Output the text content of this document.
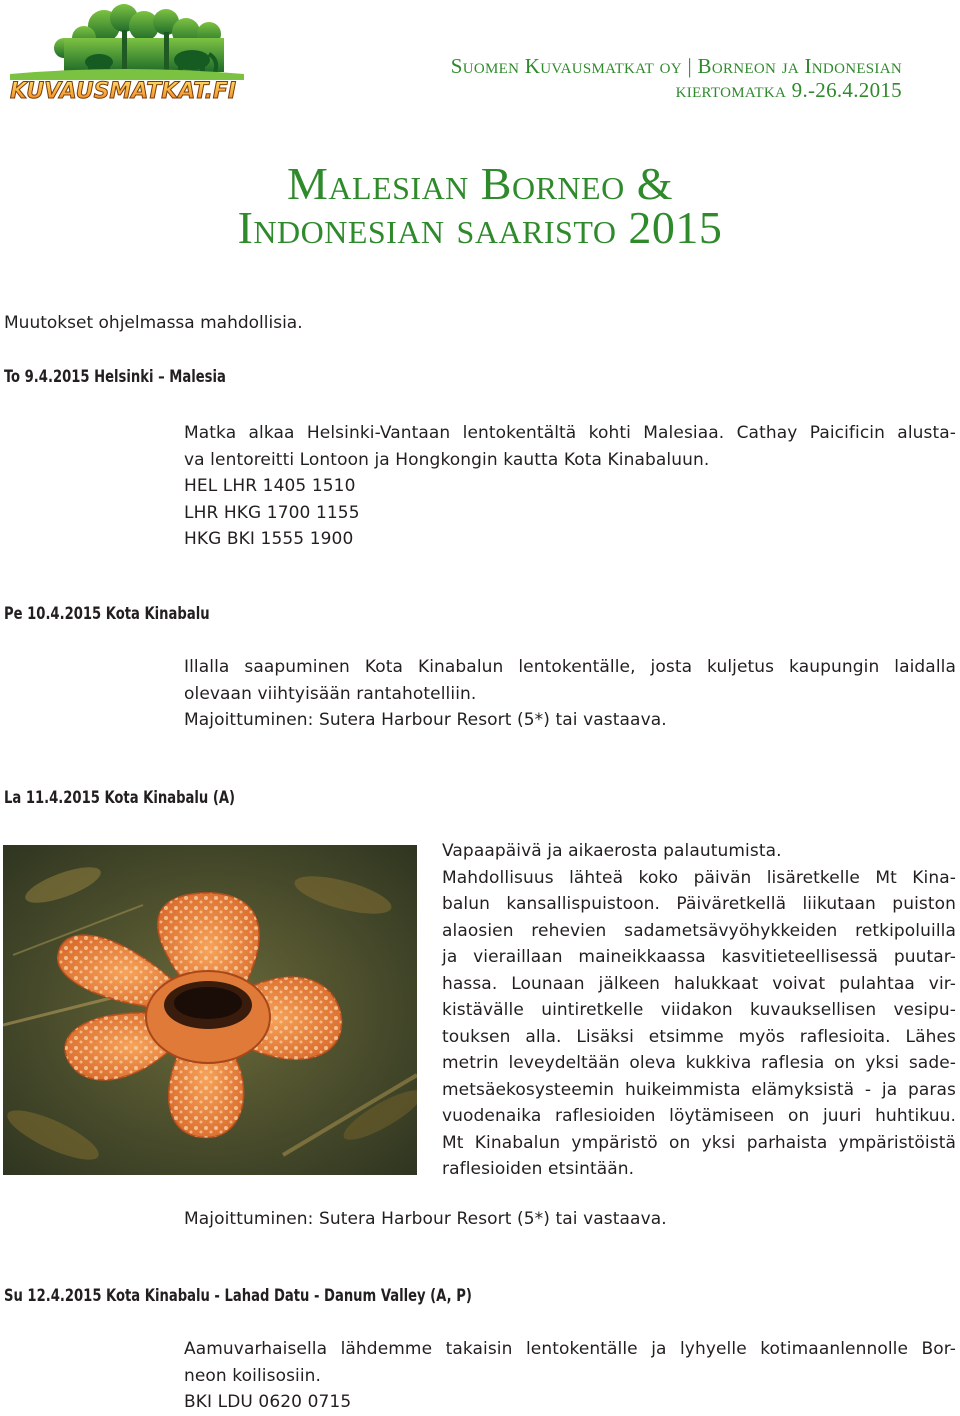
KUVAUSMATKAT.FI
Suomen Kuvausmatkat oy | Borneon ja Indonesian
kiertomatka 9.-26.4.2015
Malesian Borneo &
Indonesian saaristo 2015
Muutokset ohjelmassa mahdollisia.
To 9.4.2015 Helsinki – Malesia
Matka alkaa Helsinki-Vantaan lentokentältä kohti Malesiaa. Cathay Paicificin alusta-
va lentoreitti Lontoon ja Hongkongin kautta Kota Kinabaluun.
HEL LHR 1405 1510
LHR HKG 1700 1155
HKG BKI 1555 1900
Pe 10.4.2015 Kota Kinabalu
Illalla saapuminen Kota Kinabalun lentokentälle, josta kuljetus kaupungin laidalla
olevaan viihtyisään rantahotelliin.
Majoittuminen: Sutera Harbour Resort (5*) tai vastaava.
La 11.4.2015 Kota Kinabalu (A)
Vapaapäivä ja aikaerosta palautumista.
Mahdollisuus lähteä koko päivän lisäretkelle Mt Kina-
balun kansallispuistoon. Päiväretkellä liikutaan puiston
alaosien rehevien sadametsävyöhykkeiden retkipoluilla
ja vieraillaan maineikkaassa kasvitieteellisessä puutar-
hassa. Lounaan jälkeen halukkaat voivat pulahtaa vir-
kistävälle uintiretkelle viidakon kuvauksellisen vesipu-
touksen alla. Lisäksi etsimme myös raflesioita. Lähes
metrin leveydeltään oleva kukkiva raflesia on yksi sade-
metsäekosysteemin huikeimmista elämyksistä - ja paras
vuodenaika raflesioiden löytämiseen on juuri huhtikuu.
Mt Kinabalun ympäristö on yksi parhaista ympäristöistä
raflesioiden etsintään.
Majoittuminen: Sutera Harbour Resort (5*) tai vastaava.
Su 12.4.2015 Kota Kinabalu - Lahad Datu - Danum Valley (A, P)
Aamuvarhaisella lähdemme takaisin lentokentälle ja lyhyelle kotimaanlennolle Bor-
neon koilisosiin.
BKI LDU 0620 0715
